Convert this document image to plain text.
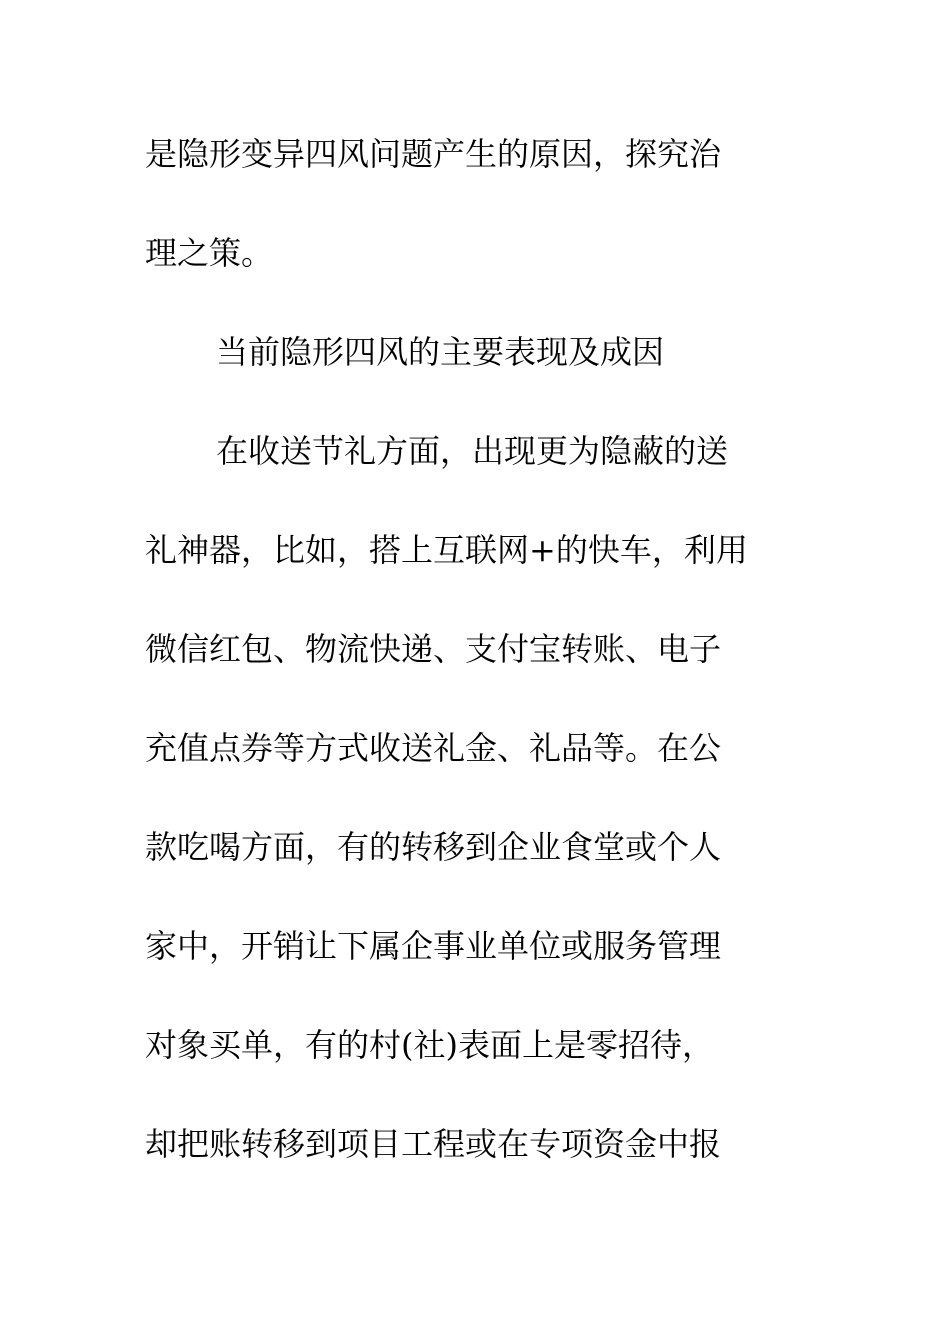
是隐形变异四风问题产生的原因，探究治
理之策。
当前隐形四风的主要表现及成因
在收送节礼方面，出现更为隐蔽的送
礼神器，比如，搭上互联网+的快车，利用
微信红包、物流快递、支付宝转账、电子
充值点券等方式收送礼金、礼品等。在公
款吃喝方面，有的转移到企业食堂或个人
家中，开销让下属企事业单位或服务管理
对象买单，有的村(社)表面上是零招待，
却把账转移到项目工程或在专项资金中报
